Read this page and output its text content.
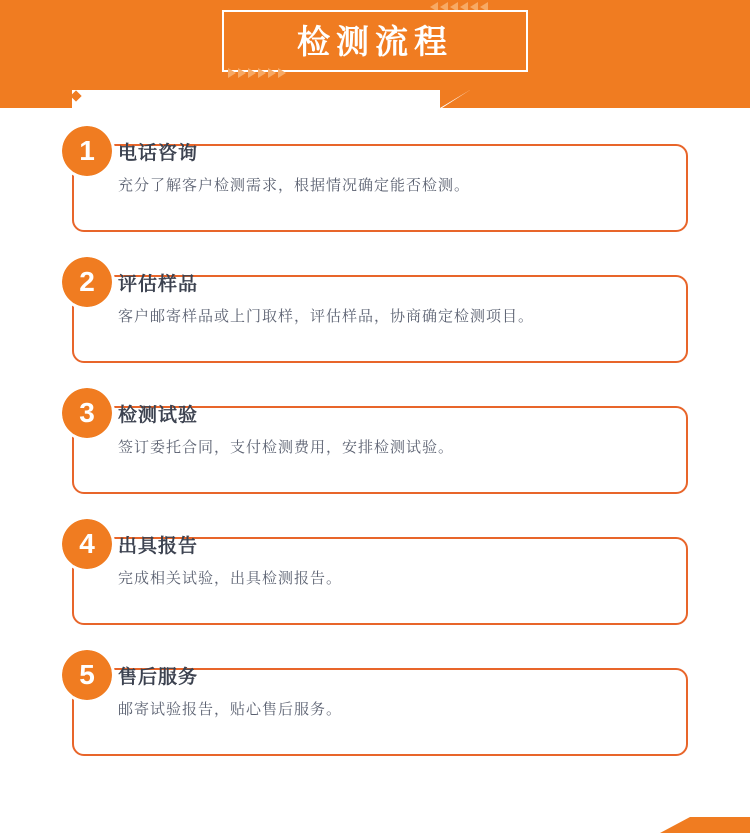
检测流程
1	电话咨询

充分了解客户检测需求，根据情况确定能否检测。

2	评估样品

客户邮寄样品或上门取样，评估样品，协商确定检测项目。

3	检测试验

签订委托合同，支付检测费用，安排检测试验。

4	出具报告

完成相关试验，出具检测报告。

5	售后服务

邮寄试验报告，贴心售后服务。
